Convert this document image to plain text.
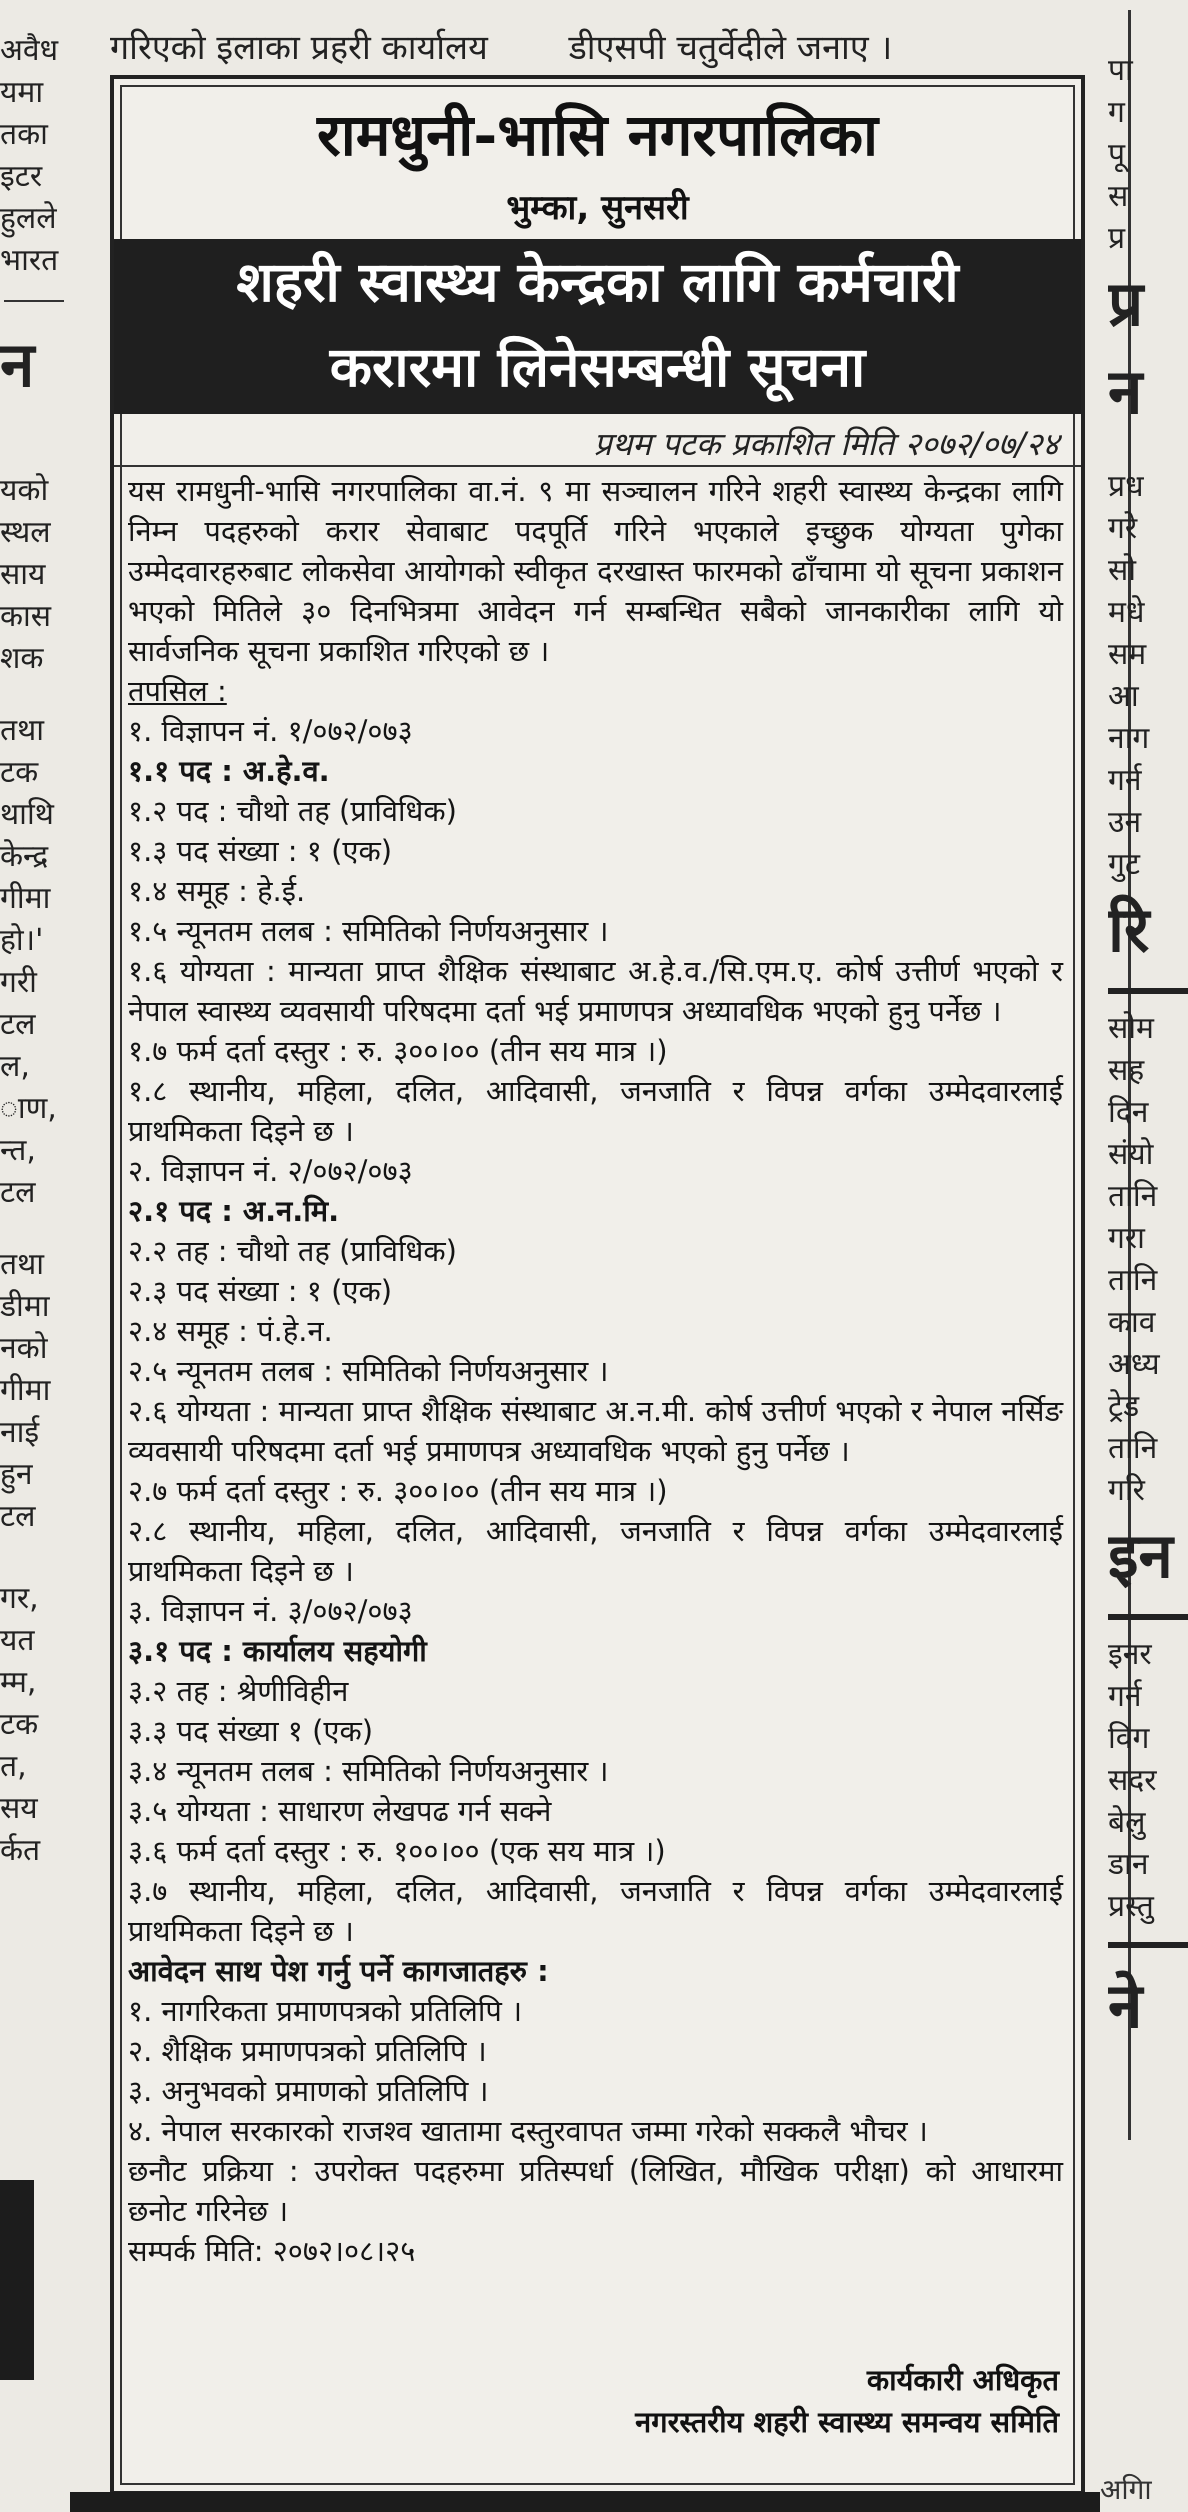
गरिएको इलाका प्रहरी कार्यालय डीएसपी चतुर्वेदीले जनाए ।
अवैध
यमा
तका
इटर
हुलले
भारत
न
यको
स्थल
साय
कास
शक
तथा
टक
थाथि
केन्द्र
गीमा
हो।'
गरी
टल
ल,
ाण,
न्त,
टल
तथा
डीमा
नको
गीमा
नाई
हुन
टल
गर,
यत
म्म,
टक
त,
सय
र्कत
पा
ग
पू
स
प्र
प्र
न
प्रध
गरे
सो
मधे
सम
आ
नाग
गर्न
उन
गुट
रि
सोम
सह
दिन
संयो
तानि
गरा
तानि
काव
अध्य
ट्रेड
तानि
गरि
इन
इनर
गर्न
विग
सदर
बेलु
डान
प्रस्तु
ने
रामधुनी-भासि नगरपालिका
भुम्का, सुनसरी
शहरी स्वास्थ्य केन्द्रका लागि कर्मचारी
करारमा लिनेसम्बन्धी सूचना
प्रथम पटक प्रकाशित मिति २०७२/०७/२४

यस रामधुनी-भासि नगरपालिका वा.नं. ९ मा सञ्चालन गरिने शहरी स्वास्थ्य केन्द्रका लागि निम्न पदहरुको करार सेवाबाट पदपूर्ति गरिने भएकाले इच्छुक योग्यता पुगेका उम्मेदवारहरुबाट लोकसेवा आयोगको स्वीकृत दरखास्त फारमको ढाँचामा यो सूचना प्रकाशन भएको मितिले ३० दिनभित्रमा आवेदन गर्न सम्बन्धित सबैको जानकारीका लागि यो सार्वजनिक सूचना प्रकाशित गरिएको छ ।

तपसिल :
१. विज्ञापन नं. १/०७२/०७३
१.१ पद : अ.हे.व.
१.२ पद : चौथो तह (प्राविधिक)
१.३ पद संख्या : १ (एक)
१.४ समूह : हे.ई.
१.५ न्यूनतम तलब : समितिको निर्णयअनुसार ।

१.६ योग्यता : मान्यता प्राप्त शैक्षिक संस्थाबाट अ.हे.व./सि.एम.ए. कोर्ष उत्तीर्ण भएको र नेपाल स्वास्थ्य व्यवसायी परिषदमा दर्ता भई प्रमाणपत्र अध्यावधिक भएको हुनु पर्नेछ ।

१.७ फर्म दर्ता दस्तुर : रु. ३००।०० (तीन सय मात्र ।)

१.८ स्थानीय, महिला, दलित, आदिवासी, जनजाति र विपन्न वर्गका उम्मेदवारलाई प्राथमिकता दिइने छ ।

२. विज्ञापन नं. २/०७२/०७३
२.१ पद : अ.न.मि.
२.२ तह : चौथो तह (प्राविधिक)
२.३ पद संख्या : १ (एक)
२.४ समूह : पं.हे.न.
२.५ न्यूनतम तलब : समितिको निर्णयअनुसार ।

२.६ योग्यता : मान्यता प्राप्त शैक्षिक संस्थाबाट अ.न.मी. कोर्ष उत्तीर्ण भएको र नेपाल नर्सिङ व्यवसायी परिषदमा दर्ता भई प्रमाणपत्र अध्यावधिक भएको हुनु पर्नेछ ।

२.७ फर्म दर्ता दस्तुर : रु. ३००।०० (तीन सय मात्र ।)

२.८ स्थानीय, महिला, दलित, आदिवासी, जनजाति र विपन्न वर्गका उम्मेदवारलाई प्राथमिकता दिइने छ ।

३. विज्ञापन नं. ३/०७२/०७३
३.१ पद : कार्यालय सहयोगी
३.२ तह : श्रेणीविहीन
३.३ पद संख्या १ (एक)
३.४ न्यूनतम तलब : समितिको निर्णयअनुसार ।
३.५ योग्यता : साधारण लेखपढ गर्न सक्ने
३.६ फर्म दर्ता दस्तुर : रु. १००।०० (एक सय मात्र ।)

३.७ स्थानीय, महिला, दलित, आदिवासी, जनजाति र विपन्न वर्गका उम्मेदवारलाई प्राथमिकता दिइने छ ।

आवेदन साथ पेश गर्नु पर्ने कागजातहरु :
१. नागरिकता प्रमाणपत्रको प्रतिलिपि ।
२. शैक्षिक प्रमाणपत्रको प्रतिलिपि ।
३. अनुभवको प्रमाणको प्रतिलिपि ।

४. नेपाल सरकारको राजश्व खातामा दस्तुरवापत जम्मा गरेको सक्कलै भौचर ।

छनौट प्रक्रिया : उपरोक्त पदहरुमा प्रतिस्पर्धा (लिखित, मौखिक परीक्षा) को आधारमा छनोट गरिनेछ ।

सम्पर्क मिति: २०७२।०८।२५
कार्यकारी अधिकृत
नगरस्तरीय शहरी स्वास्थ्य समन्वय समिति
अगाि
